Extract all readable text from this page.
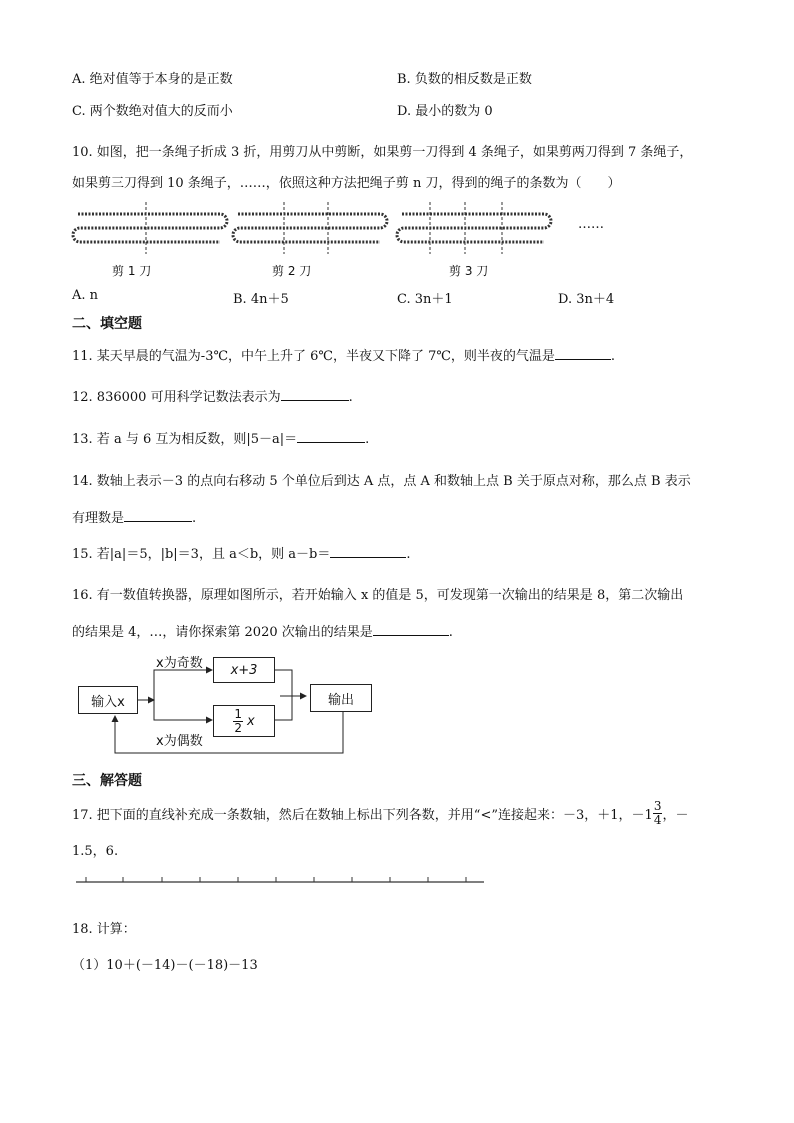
A. 绝对值等于本身的是正数	B. 负数的相反数是正数
C. 两个数绝对值大的反而小	D. 最小的数为 0
10. 如图，把一条绳子折成 3 折，用剪刀从中剪断，如果剪一刀得到 4 条绳子，如果剪两刀得到 7 条绳子，
如果剪三刀得到 10 条绳子，……，依照这种方法把绳子剪 n 刀，得到的绳子的条数为（　　）
……
剪 1 刀	剪 2 刀	剪 3 刀
A. n	B. 4n＋5	C. 3n＋1	D. 3n＋4
二、填空题
11. 某天早晨的气温为-3℃，中午上升了 6℃，半夜又下降了 7℃，则半夜的气温是	.
12. 836000 可用科学记数法表示为	.
13. 若 a 与 6 互为相反数，则|5－a|＝	.
14. 数轴上表示－3 的点向右移动 5 个单位后到达 A 点，点 A 和数轴上点 B 关于原点对称，那么点 B 表示
有理数是	.
15. 若|a|＝5，|b|＝3，且 a＜b，则 a－b＝	.
16. 有一数值转换器，原理如图所示，若开始输入 x 的值是 5，可发现第一次输出的结果是 8，第二次输出
的结果是 4，…，请你探索第 2020 次输出的结果是	.
输入x
x为奇数	x+3
$\frac{1}{2}$ x
x为偶数
输出
三、解答题
17. 把下面的直线补充成一条数轴，然后在数轴上标出下列各数，并用“<”连接起来：－3，＋1，$-1 \frac{3}{4}$ ，－
1.5，6.
18. 计算：
（1）10＋(－14)－(－18)－13
